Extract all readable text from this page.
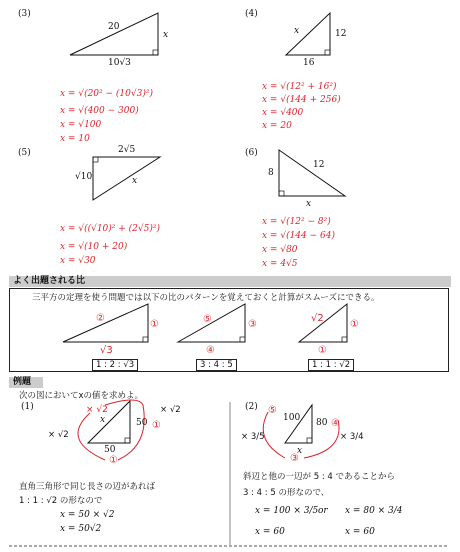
(3)
20
10√3
x
x = √(20² − (10√3)²)
x = √(400 − 300)
x = √100
x = 10
(4)
x	12
16
x = √(12² + 16²)
x = √(144 + 256)
x = √400
x = 20
(5)	2√5
√10	x
x = √((√10)² + (2√5)²)
x = √(10 + 20)
x = √30
(6)
12
8
x
x = √(12² − 8²)
x = √(144 − 64)
x = √80
x = 4√5
よく出題される比
三平方の定理を使う問題では以下の比のパターンを覚えておくと計算がスムーズにできる。
②
①
√3
1 : 2 : √3
⑤	③
④
3 : 4 : 5
√2
①
①
1 : 1 : √2
例題
次の図においてxの値を求めよ。
(1)	× √2
x	50
50
× √2
× √2
①
①
直角三角形で同じ長さの辺があれば
1 : 1 : √2 の形なので
x = 50 × √2
x = 50√2
(2) ⑤
100 80 ④
x
③
× 3/5	× 3/4
斜辺と他の一辺が 5 : 4 であることから
3 : 4 : 5 の形なので、
x = 100 × 3/5 or x = 80 × 3/4
x = 60	x = 60
